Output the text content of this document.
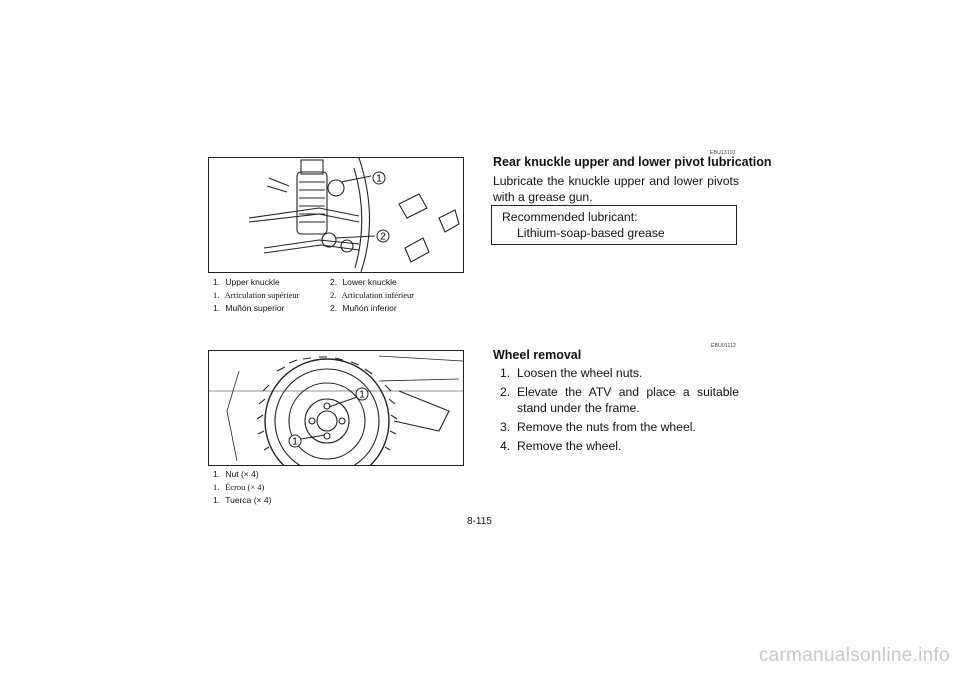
1
2
1. Upper knuckle	2. Lower knuckle
1. Articulation supérieur	2. Articulation inférieur
1. Muñón superior	2. Muñón inferior
1
1
1. Nut (× 4)
1. Écrou (× 4)
1. Tuerca (× 4)
EBU13110
Rear knuckle upper and lower pivot lubrication
Lubricate the knuckle upper and lower pivots with a grease gun.
Recommended lubricant:
Lithium-soap-based grease
EBU01112
Wheel removal
1. Loosen the wheel nuts.
2. Elevate the ATV and place a suitable stand under the frame.
3. Remove the nuts from the wheel.
4. Remove the wheel.
8-115
carmanualsonline.info
